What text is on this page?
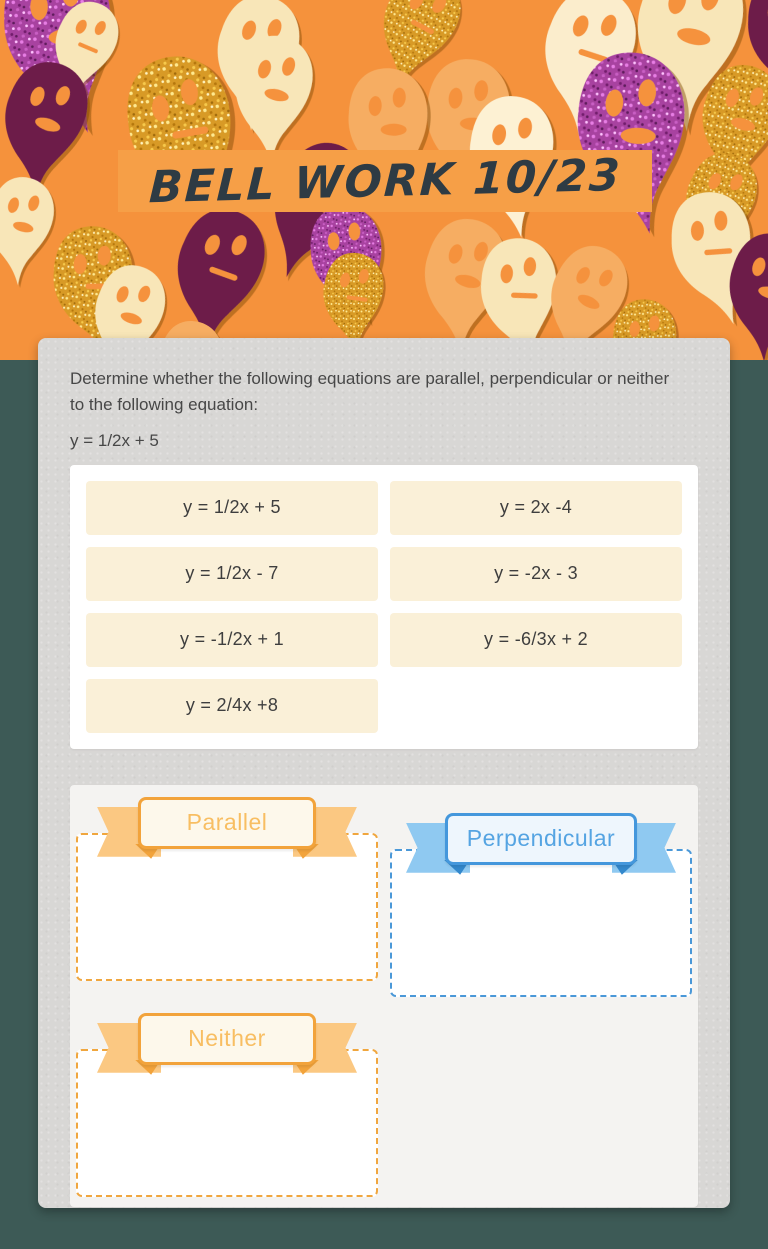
BELL WORK 10/23

Determine whether the following equations are parallel, perpendicular or neither to the following equation:

y = 1/2x + 5

y = 1/2x + 5	y = 2x -4
y = 1/2x - 7	y = -2x - 3
y = -1/2x + 1	y = -6/3x + 2
y = 2/4x +8
Parallel
Perpendicular
Neither
